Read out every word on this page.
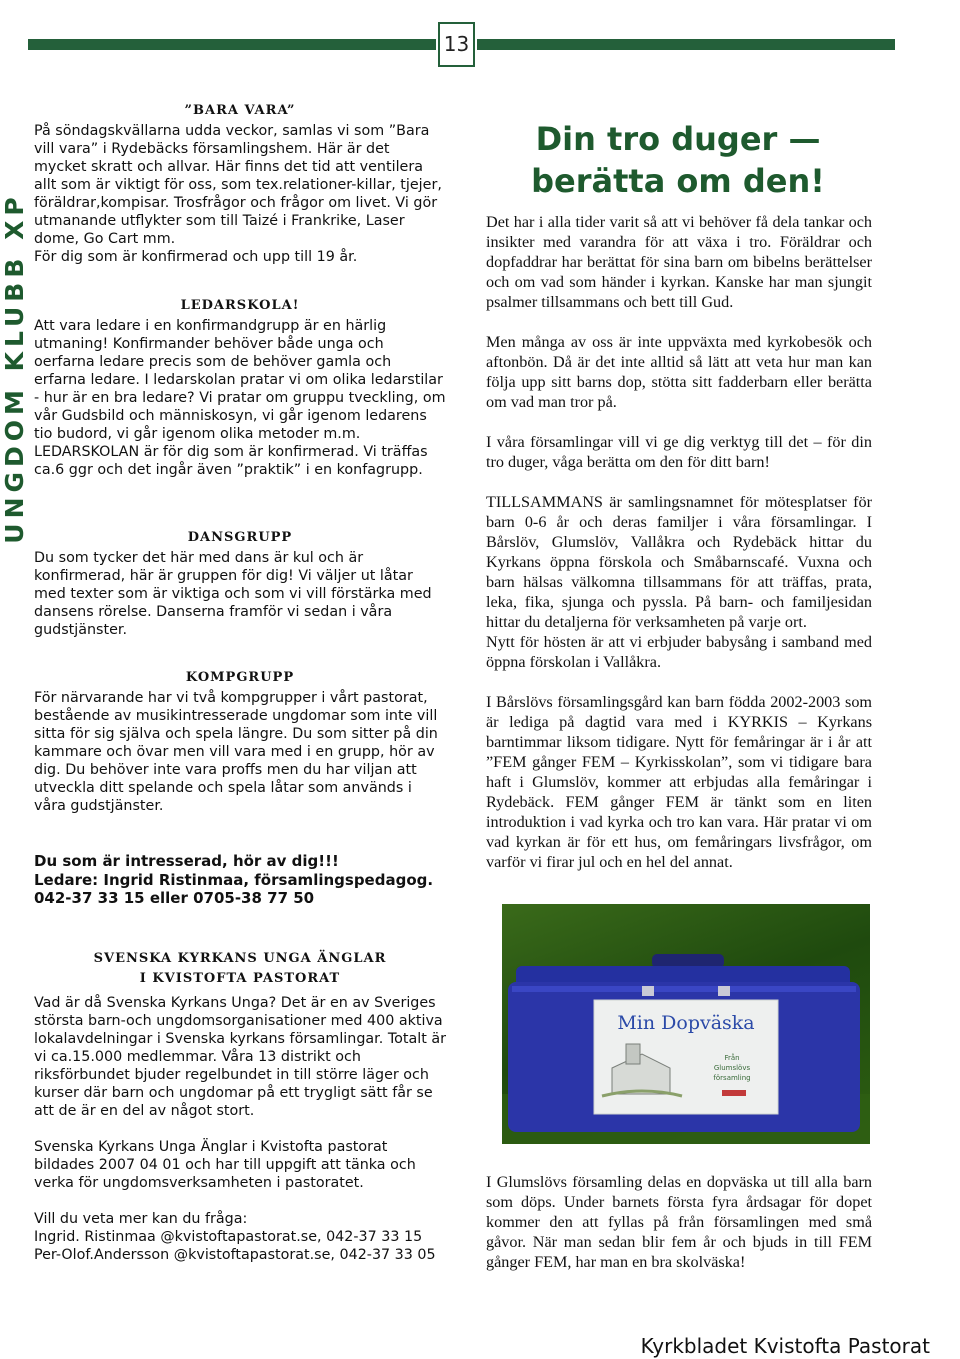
13
UNGDOM KLUBB XP
”BARA VARA”

På söndagskvällarna udda veckor, samlas vi som ”Bara vill vara” i Rydebäcks församlingshem. Här är det mycket skratt och allvar. Här finns det tid att ventilera allt som är viktigt för oss, som tex.relationer-killar, tjejer, föräldrar,kompisar. Trosfrågor och frågor om livet. Vi gör utmanande utflykter som till Taizé i Frankrike, Laser dome, Go Cart mm.

För dig som är konfirmerad och upp till 19 år.

LEDARSKOLA!

Att vara ledare i en konfirmandgrupp är en härlig utmaning! Konfirmander behöver både unga och oerfarna ledare precis som de behöver gamla och erfarna ledare. I ledarskolan pratar vi om olika ledarstilar - hur är en bra ledare? Vi pratar om gruppu tveckling, om vår Gudsbild och människosyn, vi går igenom ledarens tio budord, vi går igenom olika metoder m.m. LEDARSKOLAN är för dig som är konfirmerad. Vi träffas ca.6 ggr och det ingår även ”praktik” i en konfagrupp.

DANSGRUPP

Du som tycker det här med dans är kul och är konfirmerad, här är gruppen för dig! Vi väljer ut låtar med texter som är viktiga och som vi vill förstärka med dansens rörelse. Danserna framför vi sedan i våra gudstjänster.

KOMPGRUPP

För närvarande har vi två kompgrupper i vårt pastorat, bestående av musikintresserade ungdomar som inte vill sitta för sig själva och spela längre. Du som sitter på din kammare och övar men vill vara med i en grupp, hör av dig. Du behöver inte vara proffs men du har viljan att utveckla ditt spelande och spela låtar som används i våra gudstjänster.

Du som är intresserad, hör av dig!!!
Ledare: Ingrid Ristinmaa, församlingspedagog.
042-37 33 15 eller 0705-38 77 50
SVENSKA KYRKANS UNGA ÄNGLAR
I KVISTOFTA PASTORAT

Vad är då Svenska Kyrkans Unga? Det är en av Sveriges största barn-och ungdomsorganisationer med 400 aktiva lokalavdelningar i Svenska kyrkans församlingar. Totalt är vi ca.15.000 medlemmar. Våra 13 distrikt och riksförbundet bjuder regelbundet in till större läger och kurser där barn och ungdomar på ett trygligt sätt får se att de är en del av något stort.

Svenska Kyrkans Unga Änglar i Kvistofta pastorat bildades 2007 04 01 och har till uppgift att tänka och verka för ungdomsverksamheten i pastoratet.

Vill du veta mer kan du fråga:

Ingrid. Ristinmaa @kvistoftapastorat.se, 042-37 33 15

Per-Olof.Andersson @kvistoftapastorat.se, 042-37 33 05

Din tro duger —
berätta om den!

Det har i alla tider varit så att vi behöver få dela tankar och insikter med varandra för att växa i tro. Föräldrar och dopfaddrar har berättat för sina barn om bibelns berättelser och om vad som händer i kyrkan. Kanske har man sjungit psalmer tillsammans och bett till Gud.

Men många av oss är inte uppväxta med kyrkobesök och aftonbön. Då är det inte alltid så lätt att veta hur man kan följa upp sitt barns dop, stötta sitt fadderbarn eller berätta om vad man tror på.

I våra församlingar vill vi ge dig verktyg till det – för din tro duger, våga berätta om den för ditt barn!

TILLSAMMANS är samlingsnamnet för mötesplatser för barn 0-6 år och deras familjer i våra församlingar. I Bårslöv, Glumslöv, Vallåkra och Rydebäck hittar du Kyrkans öppna förskola och Småbarnscafé. Vuxna och barn hälsas välkomna tillsammans för att träffas, prata, leka, fika, sjunga och pyssla. På barn- och familjesidan hittar du detaljerna för verksamheten på varje ort.

Nytt för hösten är att vi erbjuder babysång i samband med öppna förskolan i Vallåkra.

I Bårslövs församlingsgård kan barn födda 2002-2003 som är lediga på dagtid vara med i KYRKIS – Kyrkans barntimmar liksom tidigare. Nytt för femåringar är i år att ”FEM gånger FEM – Kyrkisskolan”, som vi tidigare bara haft i Glumslöv, kommer att erbjudas alla femåringar i Rydebäck. FEM gånger FEM är tänkt som en liten introduktion i vad kyrka och tro kan vara. Här pratar vi om vad kyrkan är för ett hus, om femåringars livsfrågor, om varför vi firar jul och en hel del annat.

Min Dopväska
Från
Glumslövs
församling
I Glumslövs församling delas en dopväska ut till alla barn som döps. Under barnets första fyra årdsagar för dopet kommer den att fyllas på från församlingen med små gåvor. När man sedan blir fem år och bjuds in till FEM gånger FEM, har man en bra skolväska!
Kyrkbladet Kvistofta Pastorat
